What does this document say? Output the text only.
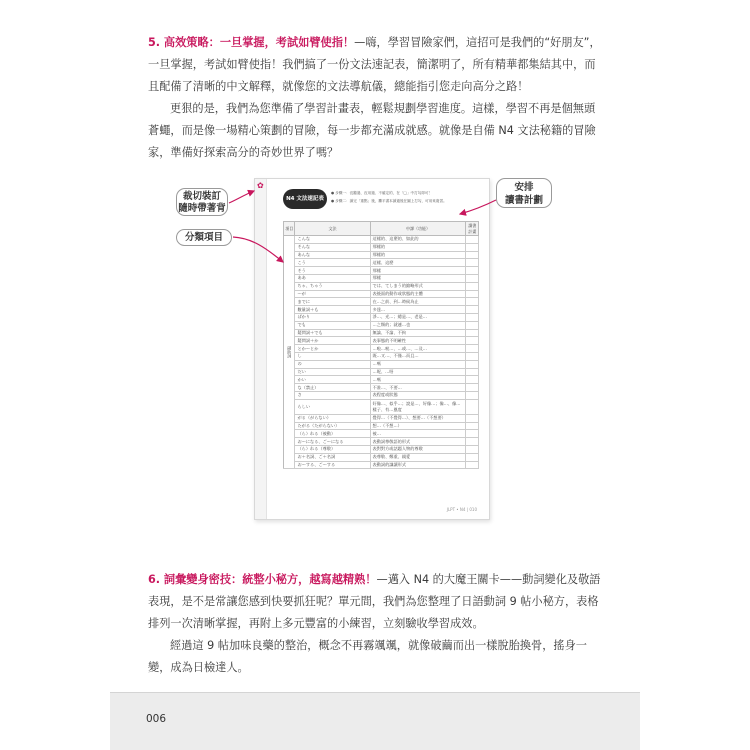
5. 高效策略：一旦掌握，考試如臂使指！—嗨，學習冒險家們，這招可是我們的“好朋友”，一旦掌握，考試如臂使指！我們搞了一份文法速記表，簡潔明了，所有精華都集結其中，而且配備了清晰的中文解釋，就像您的文法導航儀，總能指引您走向高分之路！

更狠的是，我們為您準備了學習計畫表，輕鬆規劃學習進度。這樣，學習不再是個無頭蒼蠅，而是像一場精心策劃的冒險，每一步都充滿成就感。就像是自備 N4 文法秘籍的冒險家，準備好探索高分的奇妙世界了嗎？

✿
N4 文法速記表
● 步驟一：沒聽過、沒用過、不確定的，在「□」中打勾即可！
● 步驟二：讀完「重點」後，攤平書本讀過後在圖上打勾，可用來複習。
項目	文法	中譯（功能）	讀書計畫
副助詞	こんな	這樣的、這麼的、如此的	
	そんな	那樣的	
	あんな	那樣的	
	こう	這樣、這麼	
	そう	那樣	
	ああ	那樣	
	ちゃ、ちゃう	では、てしまう的縮略形式	
	〜が	表後面的動作或狀態的主體	
	までに	在…之前、到…時候為止	
	數量詞＋も	多達…	
	ばかり	淨…、光…；總是…、老是…	
	でも	…之類的；就連…也	
	疑問詞＋でも	無論、不論、不拘	
	疑問詞＋か	表事態的不明確性	
	とか〜とか	…啦…啦…、…或…、…及…	
	し	既…又…、不僅…而且…	
	の	…嗎	
	だい	…呢、…呀	
	かい	…嗎	
	な（禁止）	不准…、不要…	
	さ	表程度或狀態	
	らしい	好像…、似乎…；說是…、好像…；像…、像…樣子、有…風度	
	がる（がらない）	覺得…（不覺得…）、想要…（不想要）	
	たがる（たがらない）	想…（不想…）	
	（ら）れる（被動）	被…	
	お〜になる、ご〜になる	表動詞尊敬語的形式	
	（ら）れる（尊敬）	表對對方或話題人物的尊敬	
	お＋名詞、ご＋名詞	表尊敬、鄭重、親愛	
	お〜する、ご〜する	表動詞的謙讓形式	
JLPT • N4 | 010
裁切裝訂
隨時帶著背
分類項目
安排
讀書計劃

6. 詞彙變身密技：統整小秘方，越寫越精熟！—邁入 N4 的大魔王關卡——動詞變化及敬語表現，是不是常讓您感到快要抓狂呢？單元間，我們為您整理了日語動詞 9 帖小秘方，表格排列一次清晰掌握，再附上多元豐富的小練習，立刻驗收學習成效。

經過這 9 帖加味良藥的整治，概念不再霧颯颯，就像破繭而出一樣脫胎換骨，搖身一變，成為日檢達人。

006
